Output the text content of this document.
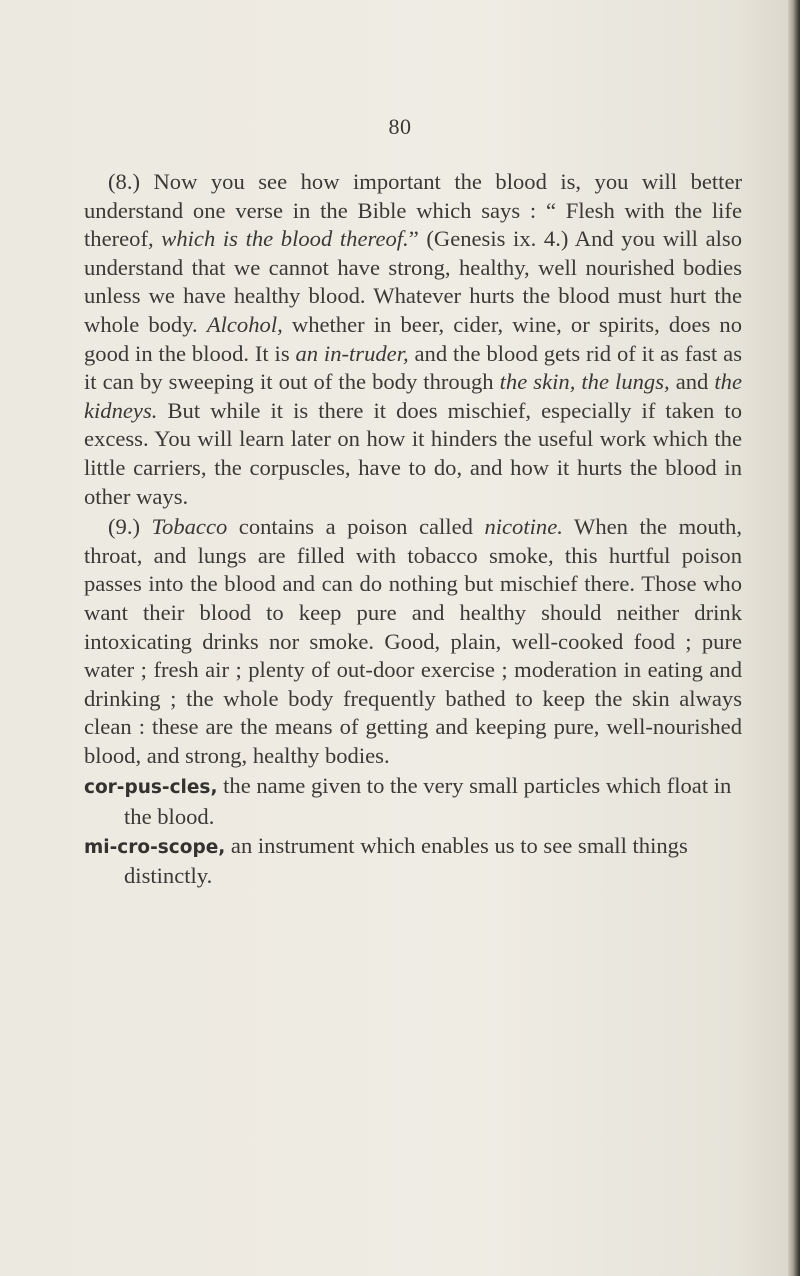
80

(8.) Now you see how important the blood is, you will better understand one verse in the Bible which says : “ Flesh with the life thereof, which is the blood thereof.” (Genesis ix. 4.) And you will also understand that we cannot have strong, healthy, well nourished bodies unless we have healthy blood. Whatever hurts the blood must hurt the whole body. Alcohol, whether in beer, cider, wine, or spirits, does no good in the blood. It is an in-truder, and the blood gets rid of it as fast as it can by sweeping it out of the body through the skin, the lungs, and the kidneys. But while it is there it does mischief, especially if taken to excess. You will learn later on how it hinders the useful work which the little carriers, the corpuscles, have to do, and how it hurts the blood in other ways.

(9.) Tobacco contains a poison called nicotine. When the mouth, throat, and lungs are filled with tobacco smoke, this hurtful poison passes into the blood and can do nothing but mischief there. Those who want their blood to keep pure and healthy should neither drink intoxicating drinks nor smoke. Good, plain, well-cooked food ; pure water ; fresh air ; plenty of out-door exercise ; moderation in eating and drinking ; the whole body frequently bathed to keep the skin always clean : these are the means of getting and keeping pure, well-nourished blood, and strong, healthy bodies.

cor-pus-cles, the name given to the very small particles which float in the blood.

mi-cro-scope, an instrument which enables us to see small things distinctly.
